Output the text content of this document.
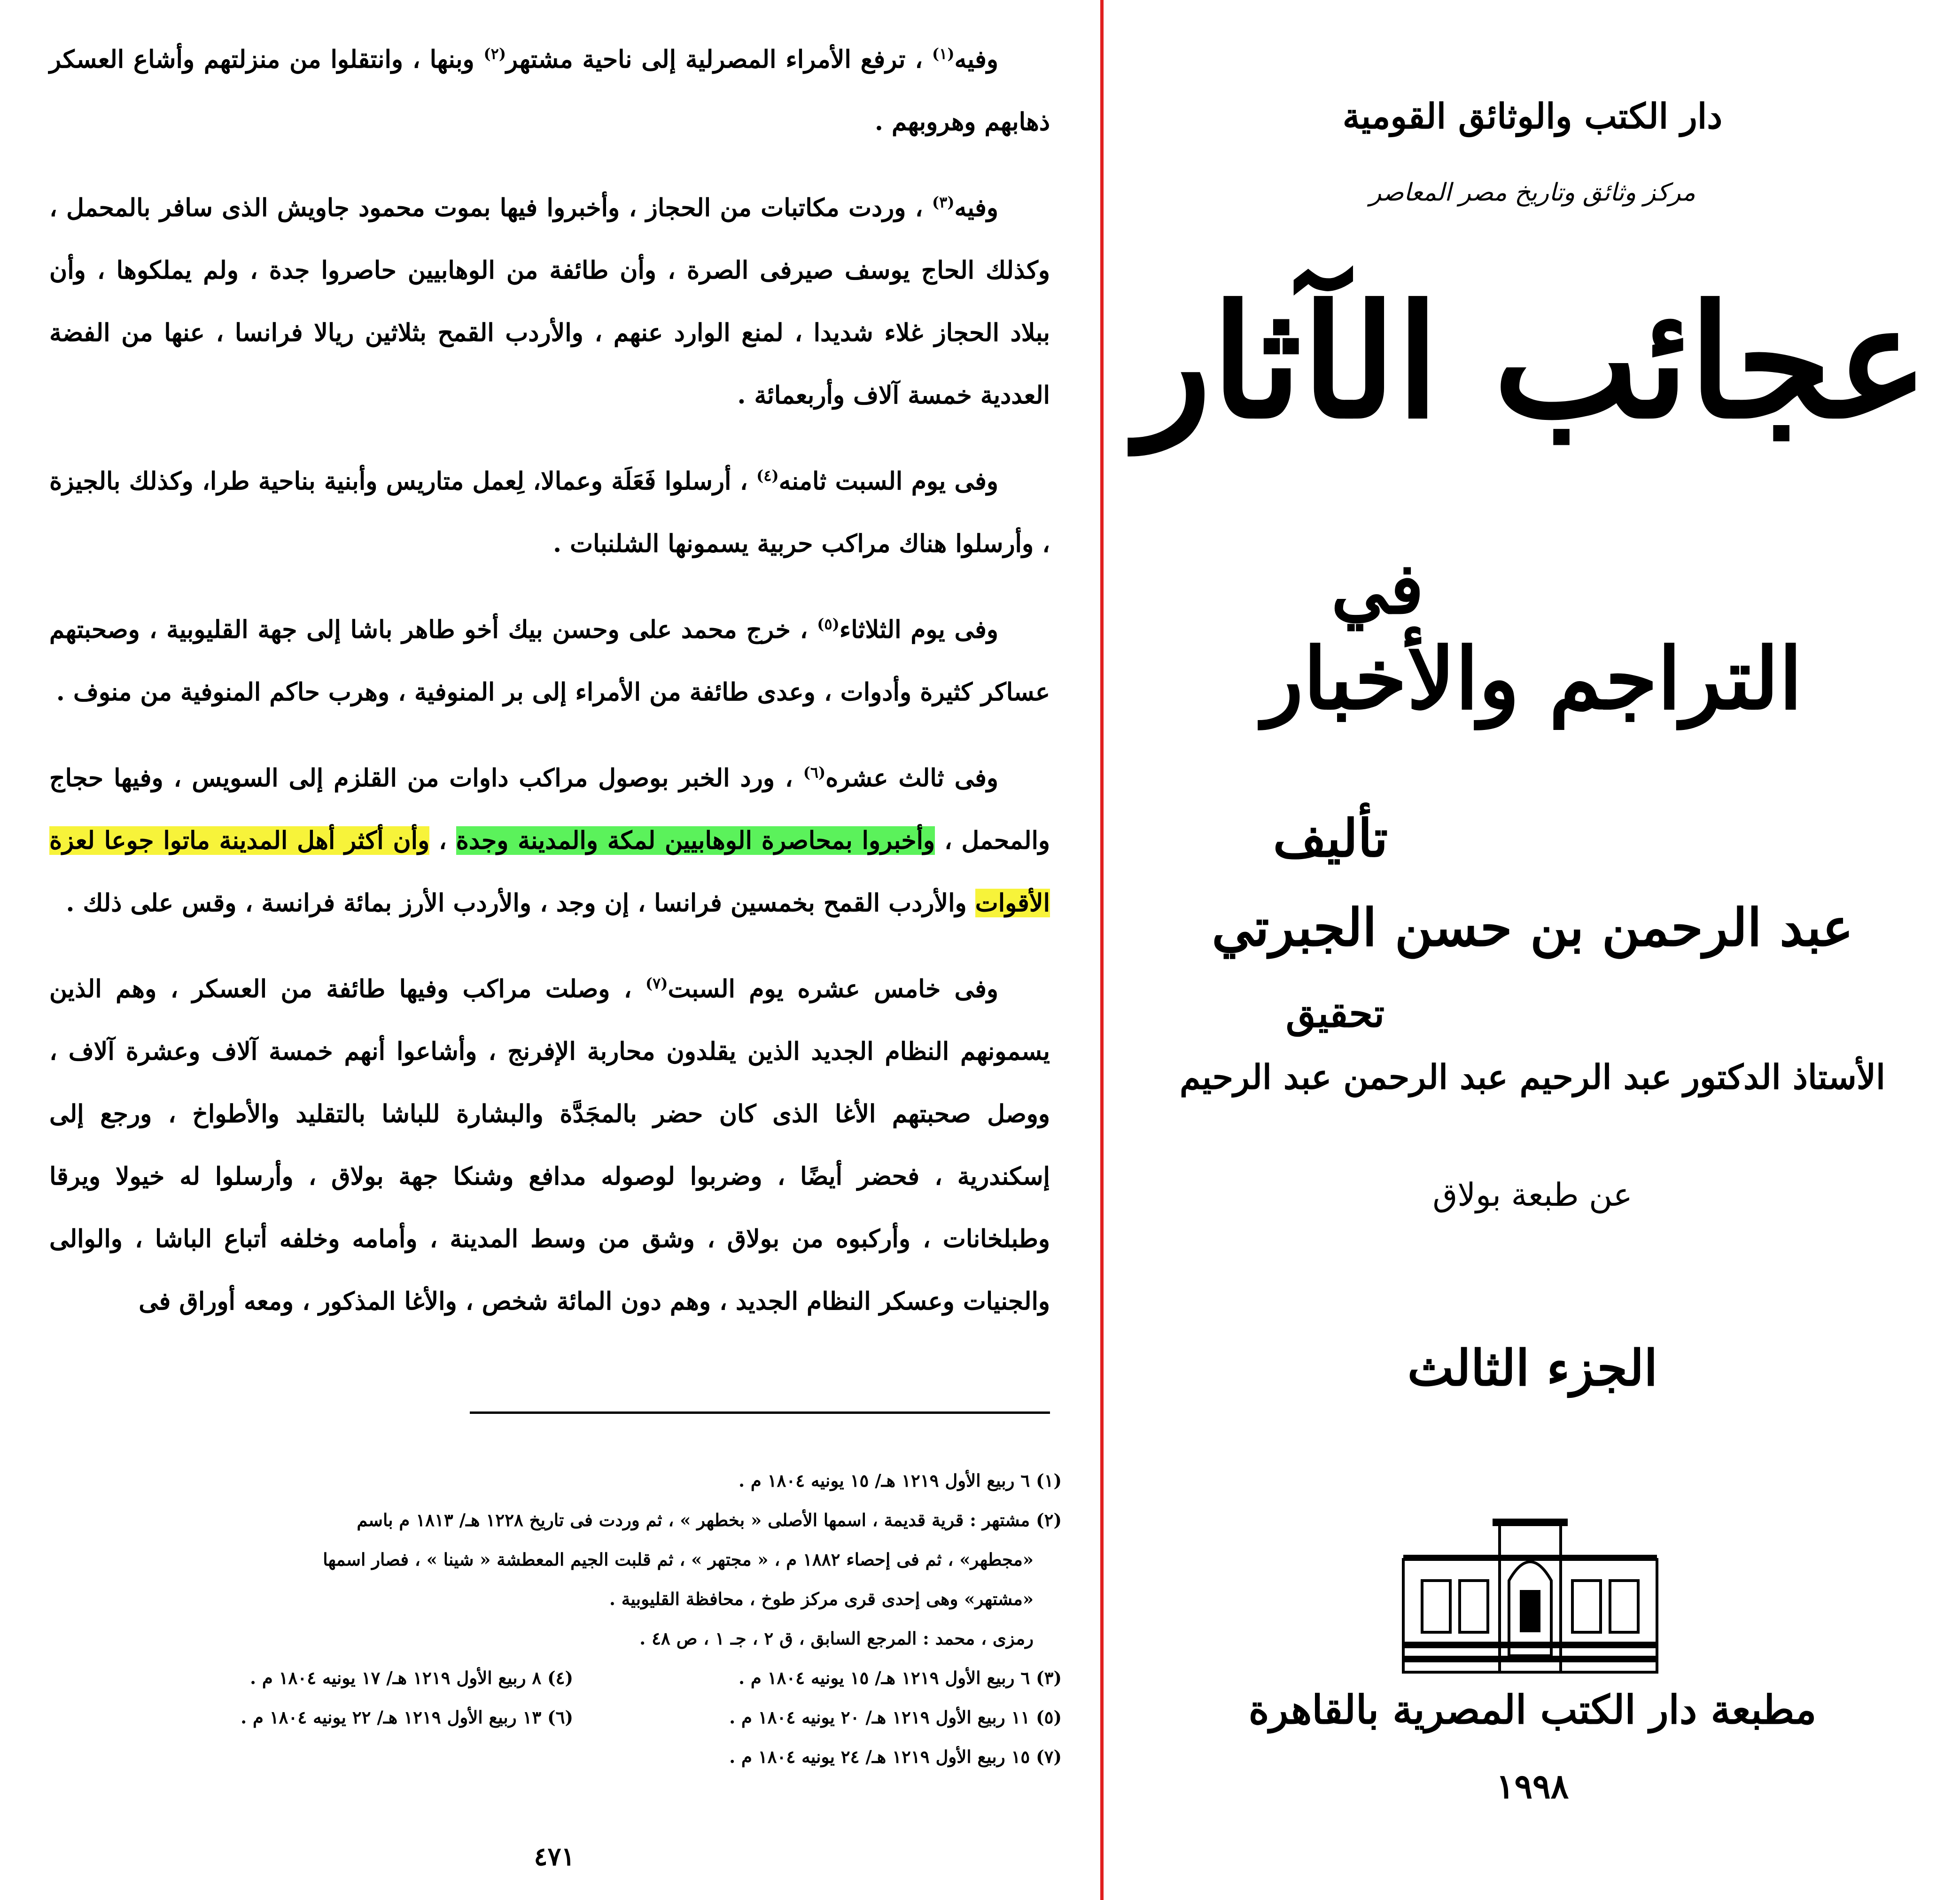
وفيه$^{(١)}$ ، ترفع الأمراء المصرلية إلى ناحية مشتهر$^{(٢)}$ وبنها ، وانتقلوا من منزلتهم وأشاع العسكر ذهابهم وهروبهم .

وفيه$^{(٣)}$ ، وردت مكاتبات من الحجاز ، وأخبروا فيها بموت محمود جاويش الذى سافر بالمحمل ، وكذلك الحاج يوسف صيرفى الصرة ، وأن طائفة من الوهابيين حاصروا جدة ، ولم يملكوها ، وأن ببلاد الحجاز غلاء شديدا ، لمنع الوارد عنهم ، والأردب القمح بثلاثين ريالا فرانسا ، عنها من الفضة العددية خمسة آلاف وأربعمائة .

وفى يوم السبت ثامنه$^{(٤)}$ ، أرسلوا فَعَلَة وعمالا، لِعمل متاريس وأبنية بناحية طرا، وكذلك بالجيزة ، وأرسلوا هناك مراكب حربية يسمونها الشلنبات .

وفى يوم الثلاثاء$^{(٥)}$ ، خرج محمد على وحسن بيك أخو طاهر باشا إلى جهة القليوبية ، وصحبتهم عساكر كثيرة وأدوات ، وعدى طائفة من الأمراء إلى بر المنوفية ، وهرب حاكم المنوفية من منوف .

وفى ثالث عشره$^{(٦)}$ ، ورد الخبر بوصول مراكب داوات من القلزم إلى السويس ، وفيها حجاج والمحمل ، وأخبروا بمحاصرة الوهابيين لمكة والمدينة وجدة ، وأن أكثر أهل المدينة ماتوا جوعا لعزة الأقوات والأردب القمح بخمسين فرانسا ، إن وجد ، والأردب الأرز بمائة فرانسة ، وقس على ذلك .

وفى خامس عشره يوم السبت$^{(٧)}$ ، وصلت مراكب وفيها طائفة من العسكر ، وهم الذين يسمونهم النظام الجديد الذين يقلدون محاربة الإفرنج ، وأشاعوا أنهم خمسة آلاف وعشرة آلاف ، ووصل صحبتهم الأغا الذى كان حضر بالمجَدَّة والبشارة للباشا بالتقليد والأطواخ ، ورجع إلى إسكندرية ، فحضر أيضًا ، وضربوا لوصوله مدافع وشنكا جهة بولاق ، وأرسلوا له خيولا ويرقا وطبلخانات ، وأركبوه من بولاق ، وشق من وسط المدينة ، وأمامه وخلفه أتباع الباشا ، والوالى والجنيات وعسكر النظام الجديد ، وهم دون المائة شخص ، والأغا المذكور ، ومعه أوراق فى

(١) ٦ ربيع الأول ١٢١٩ هـ/ ١٥ يونيه ١٨٠٤ م .

(٢) مشتهر : قرية قديمة ، اسمها الأصلى « بخطهر » ، ثم وردت فى تاريخ ١٢٢٨ هـ/ ١٨١٣ م باسم

«مجطهر» ، ثم فى إحصاء ١٨٨٢ م ، « مجتهر » ، ثم قلبت الجيم المعطشة « شينا » ، فصار اسمها

«مشتهر» وهى إحدى قرى مركز طوخ ، محافظة القليوبية .

رمزى ، محمد : المرجع السابق ، ق ٢ ، جـ ١ ، ص ٤٨ .

(٣) ٦ ربيع الأول ١٢١٩ هـ/ ١٥ يونيه ١٨٠٤ م .
(٤) ٨ ربيع الأول ١٢١٩ هـ/ ١٧ يونيه ١٨٠٤ م .
(٥) ١١ ربيع الأول ١٢١٩ هـ/ ٢٠ يونيه ١٨٠٤ م .
(٦) ١٣ ربيع الأول ١٢١٩ هـ/ ٢٢ يونيه ١٨٠٤ م .

(٧) ١٥ ربيع الأول ١٢١٩ هـ/ ٢٤ يونيه ١٨٠٤ م .

٤٧١
دار الكتب والوثائق القومية
مركز وثائق وتاريخ مصر المعاصر
عجائب الآثار
في
التراجم والأخبار
تأليف
عبد الرحمن بن حسن الجبرتي
تحقيق
الأستاذ الدكتور عبد الرحيم عبد الرحمن عبد الرحيم
عن طبعة بولاق
الجزء الثالث
مطبعة دار الكتب المصرية بالقاهرة
١٩٩٨
